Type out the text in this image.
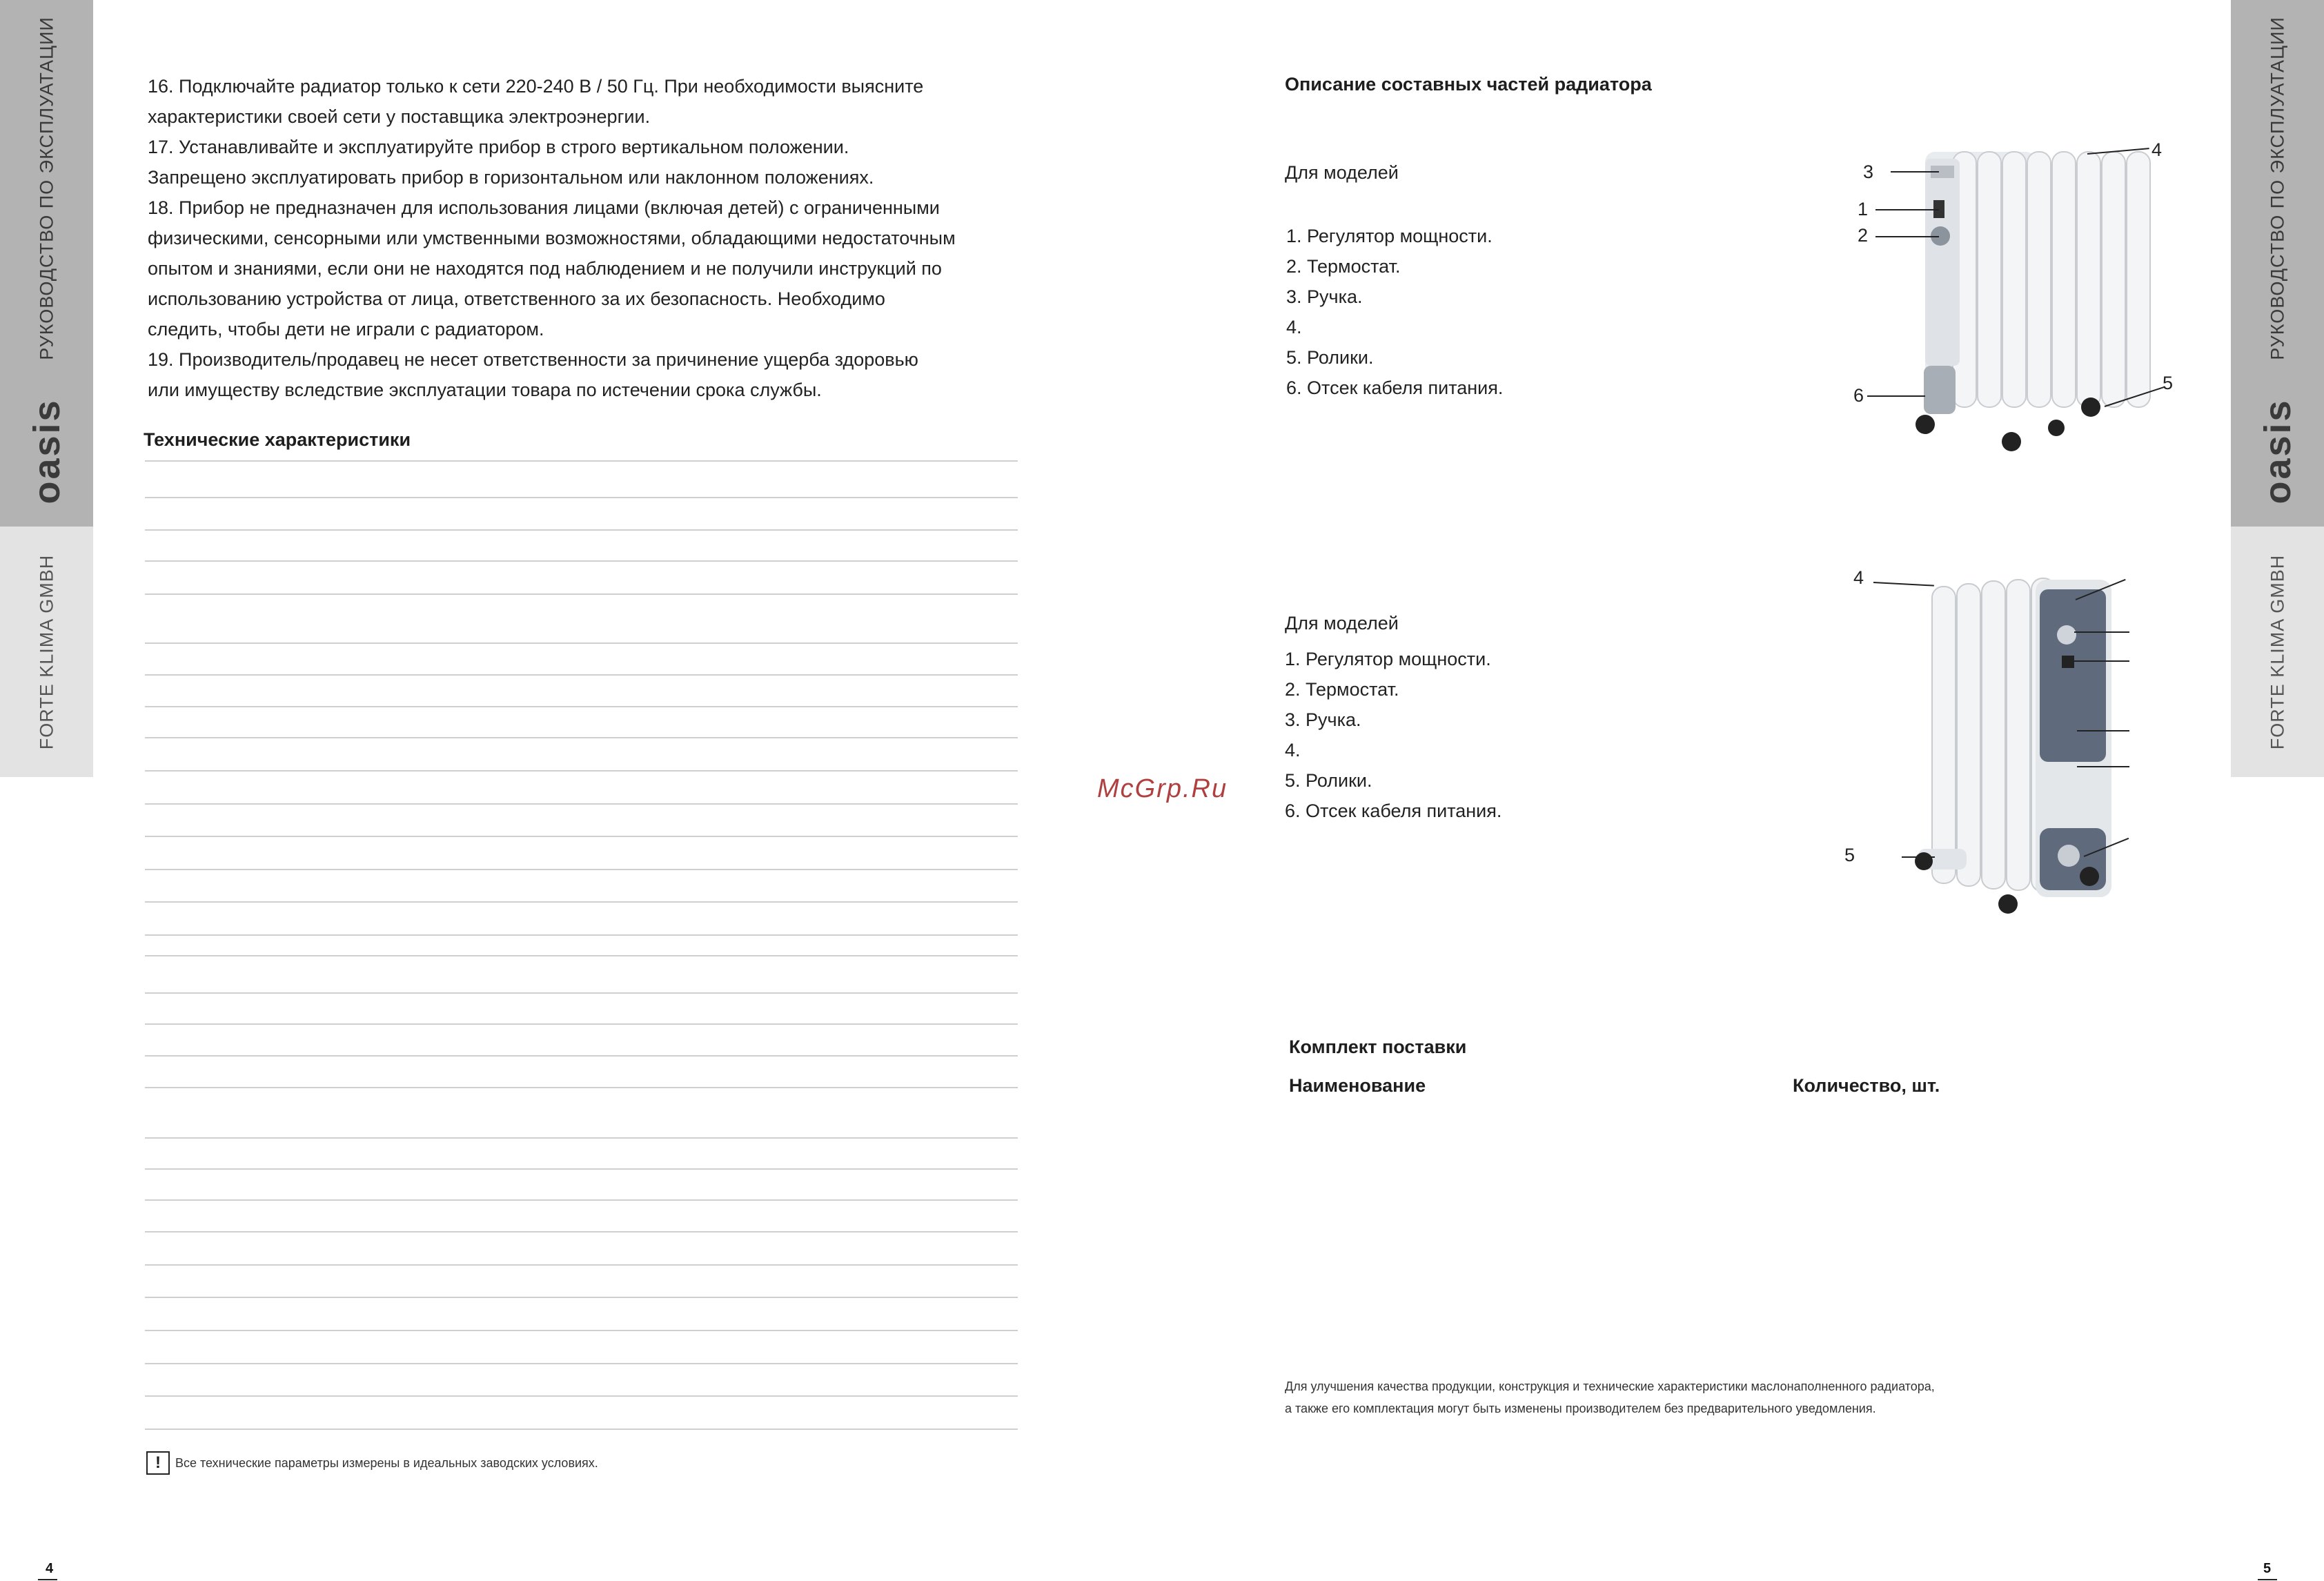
РУКОВОДСТВО ПО ЭКСПЛУАТАЦИИ
oasis
FORTE KLIMA GMBH
РУКОВОДСТВО ПО ЭКСПЛУАТАЦИИ
oasis
FORTE KLIMA GMBH
16. Подключайте радиатор только к сети 220-240 В / 50 Гц. При необходимости выясните
характеристики своей сети у поставщика электроэнергии.
17. Устанавливайте и эксплуатируйте прибор в строго вертикальном положении.
Запрещено эксплуатировать прибор в горизонтальном или наклонном положениях.
18. Прибор не предназначен для использования лицами (включая детей) с ограниченными
физическими, сенсорными или умственными возможностями, обладающими недостаточным
опытом и знаниями, если они не находятся под наблюдением и не получили инструкций по
использованию устройства от лица, ответственного за их безопасность. Необходимо
следить, чтобы дети не играли с радиатором.
19. Производитель/продавец не несет ответственности за причинение ущерба здоровью
или имуществу вследствие эксплуатации товара по истечении срока службы.
Технические характеристики
!	Все технические параметры измерены в идеальных заводских условиях.
4
McGrp.Ru
Описание составных частей радиатора
Для моделей
1. Регулятор мощности.
2. Термостат.
3. Ручка.
4.
5. Ролики.
6. Отсек кабеля питания.
3
1
2
4
6
5
Для моделей
1. Регулятор мощности.
2. Термостат.
3. Ручка.
4.
5. Ролики.
6. Отсек кабеля питания.
4
5
Комплект поставки
Наименование	Количество, шт.
Для улучшения качества продукции, конструкция и технические характеристики маслонаполненного радиатора,
а также его комплектация могут быть изменены производителем без предварительного уведомления.
5
